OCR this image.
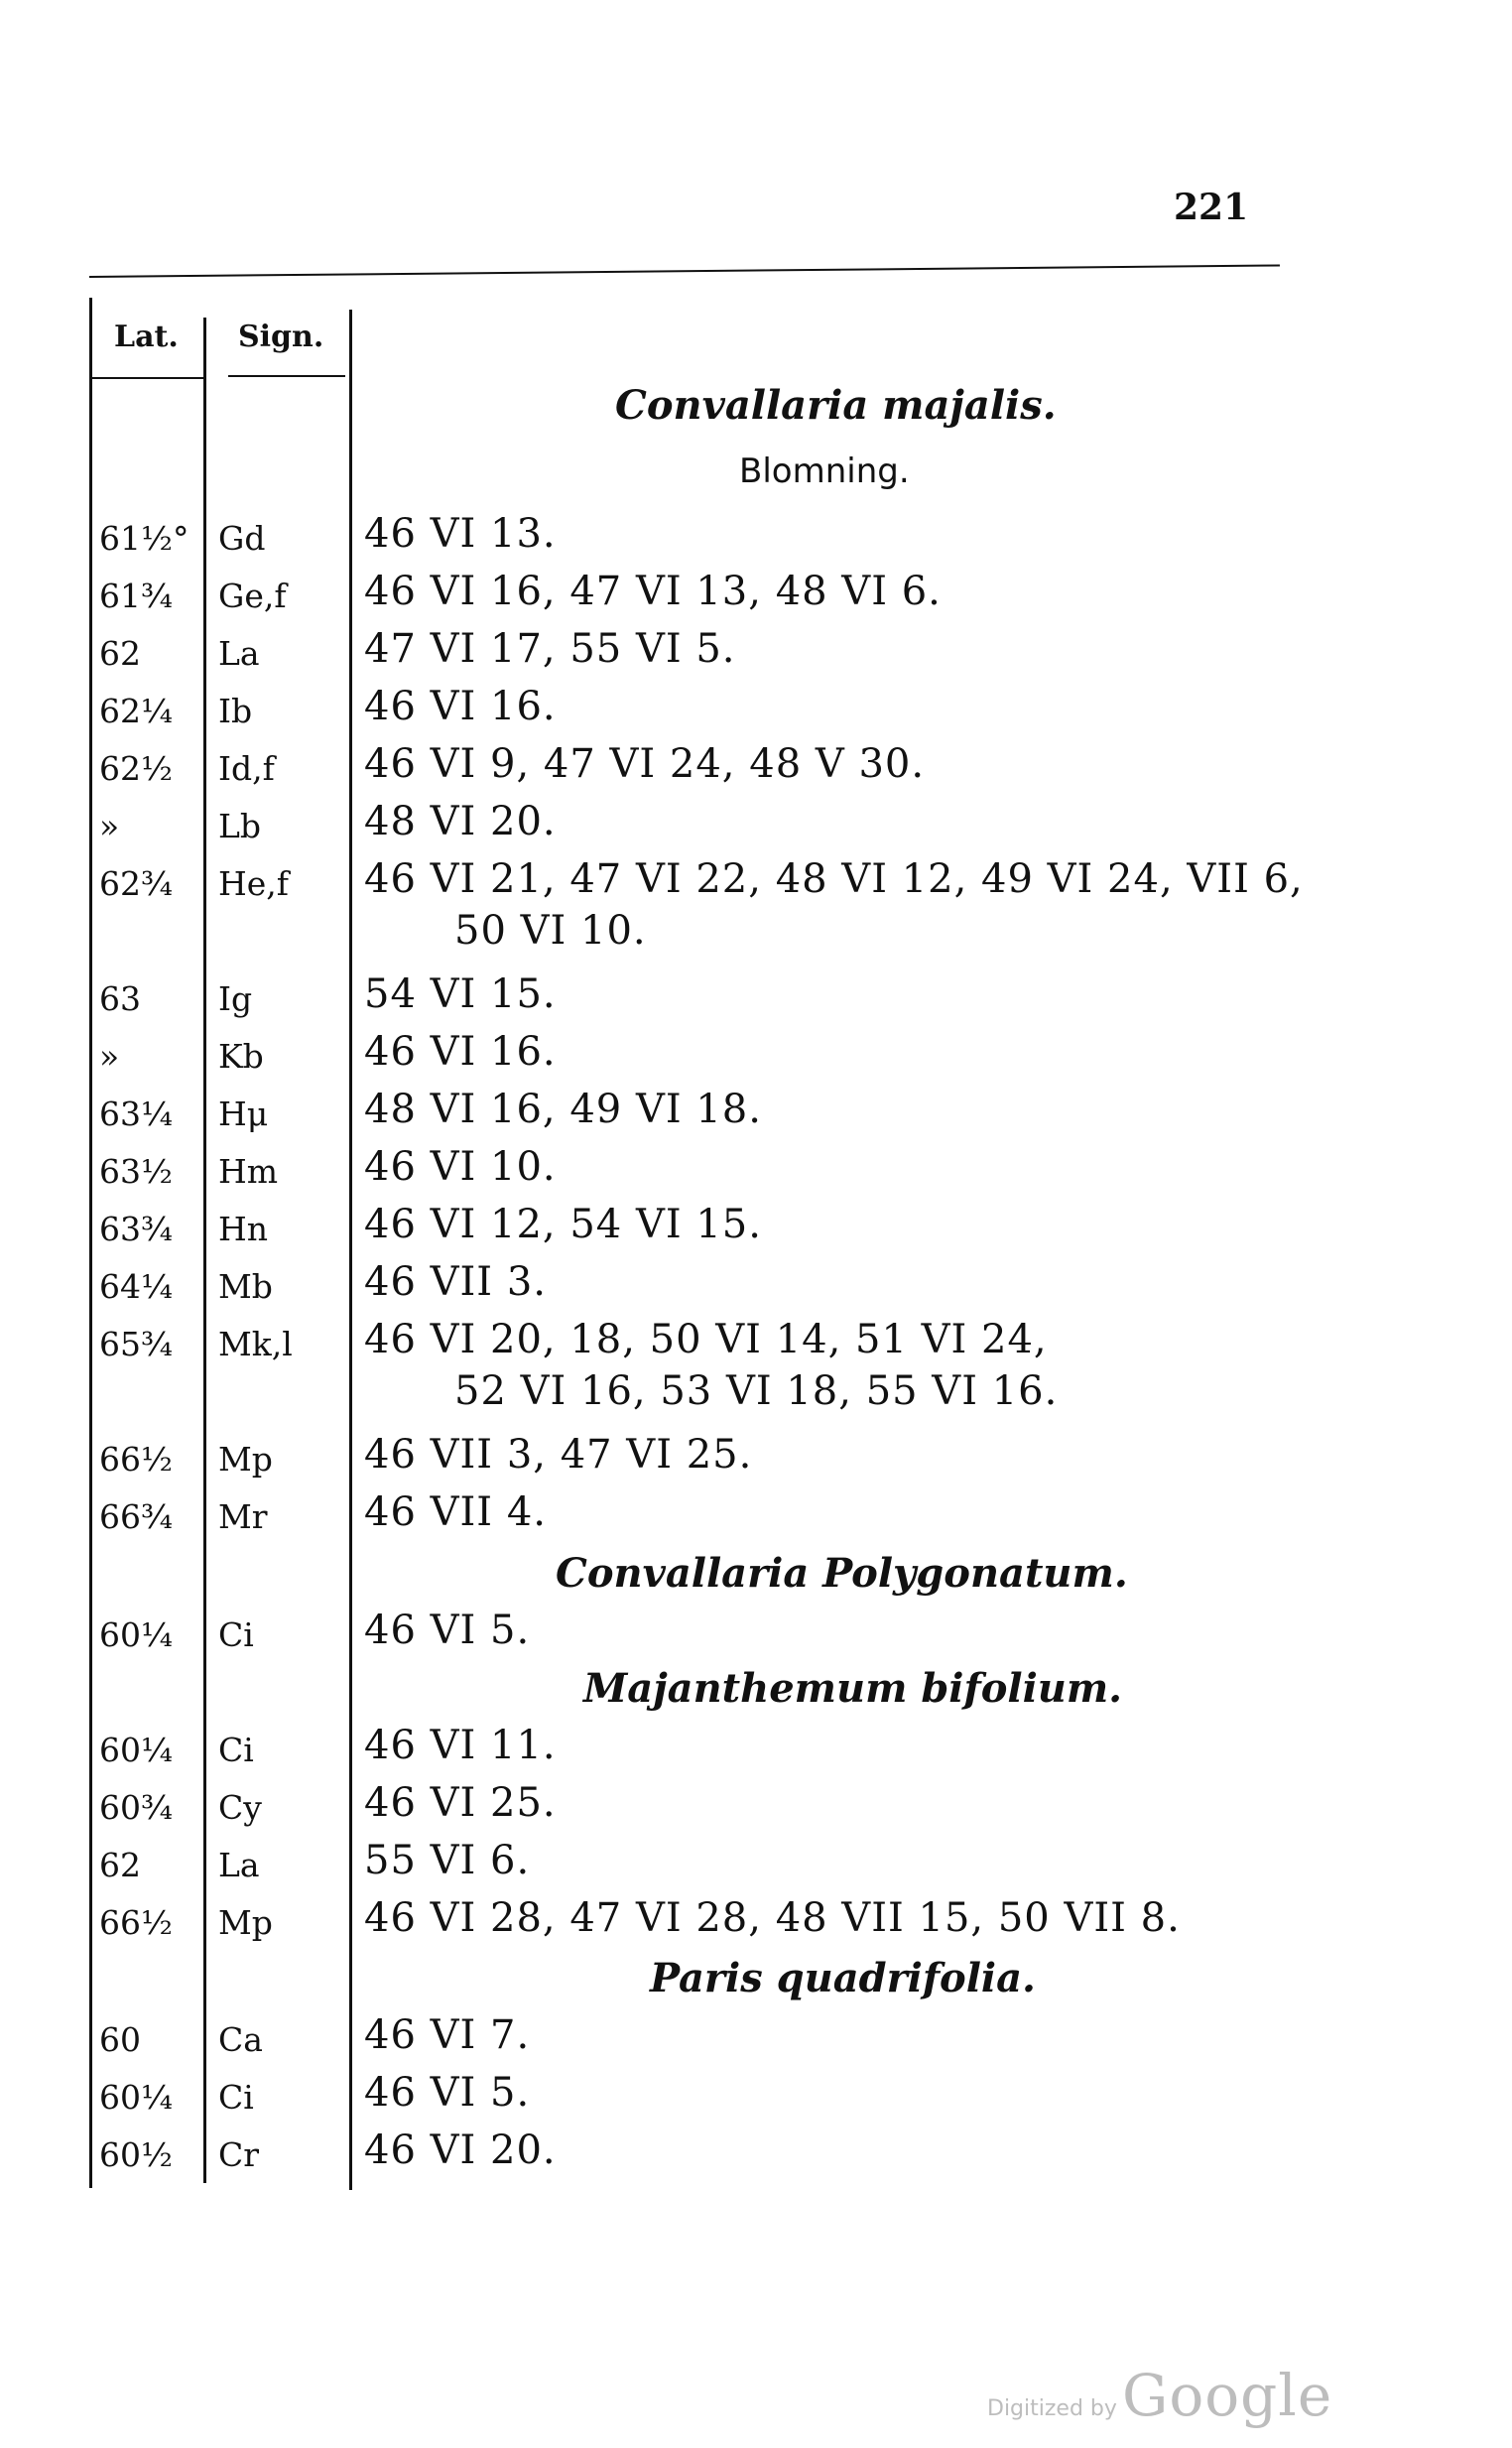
221
Lat. Sign.
Convallaria majalis.
Blomning.
61½° Gd 46 VI 13.
61¾ Ge,f 46 VI 16, 47 VI 13, 48 VI 6.
62 La	47 VI 17, 55 VI 5.
62¼ Ib	46 VI 16.
62½ Id,f 46 VI 9, 47 VI 24, 48 V 30.
»	Lb	48 VI 20.
62¾ He,f 46 VI 21, 47 VI 22, 48 VI 12, 49 VI 24, VII 6,
50 VI 10.
63 Ig	54 VI 15.
»	Kb	46 VI 16.
63¼ Hμ 48 VI 16, 49 VI 18.
63½ Hm 46 VI 10.
63¾ Hn 46 VI 12, 54 VI 15.
64¼ Mb 46 VII 3.
65¾ Mk,l 46 VI 20, 18, 50 VI 14, 51 VI 24,
52 VI 16, 53 VI 18, 55 VI 16.
66½ Mp 46 VII 3, 47 VI 25.
66¾ Mr 46 VII 4.
Convallaria Polygonatum.
60¼ Ci	46 VI 5.
Majanthemum bifolium.
60¼ Ci	46 VI 11.
60¾ Cy	46 VI 25.
62 La	55 VI 6.
66½ Mp 46 VI 28, 47 VI 28, 48 VII 15, 50 VII 8.
Paris quadrifolia.
60 Ca	46 VI 7.
60¼ Ci	46 VI 5.
60½ Cr	46 VI 20.
Digitized by Google
